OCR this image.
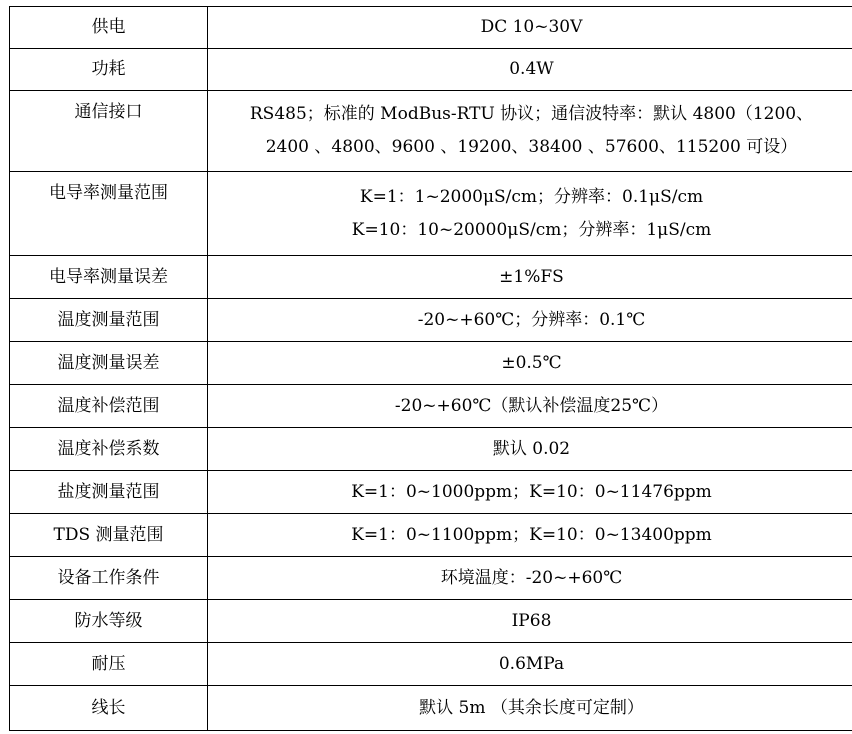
供电	DC 10~30V

功耗	0.4W

通信接口	RS485；标准的 ModBus-RTU 协议；通信波特率：默认 4800（1200、
2400 、4800、9600 、19200、38400 、57600、115200 可设）

电导率测量范围	K=1：1~2000μS/cm；分辨率：0.1μS/cm
K=10：10~20000μS/cm；分辨率：1μS/cm

电导率测量误差	±1%FS

温度测量范围	-20~+60℃；分辨率：0.1℃

温度测量误差	±0.5℃

温度补偿范围	-20~+60℃（默认补偿温度25℃）

温度补偿系数	默认 0.02

盐度测量范围	K=1：0~1000ppm；K=10：0~11476ppm

TDS 测量范围	K=1：0~1100ppm；K=10：0~13400ppm

设备工作条件	环境温度：-20~+60℃

防水等级	IP68

耐压	0.6MPa

线长	默认 5m （其余长度可定制）
